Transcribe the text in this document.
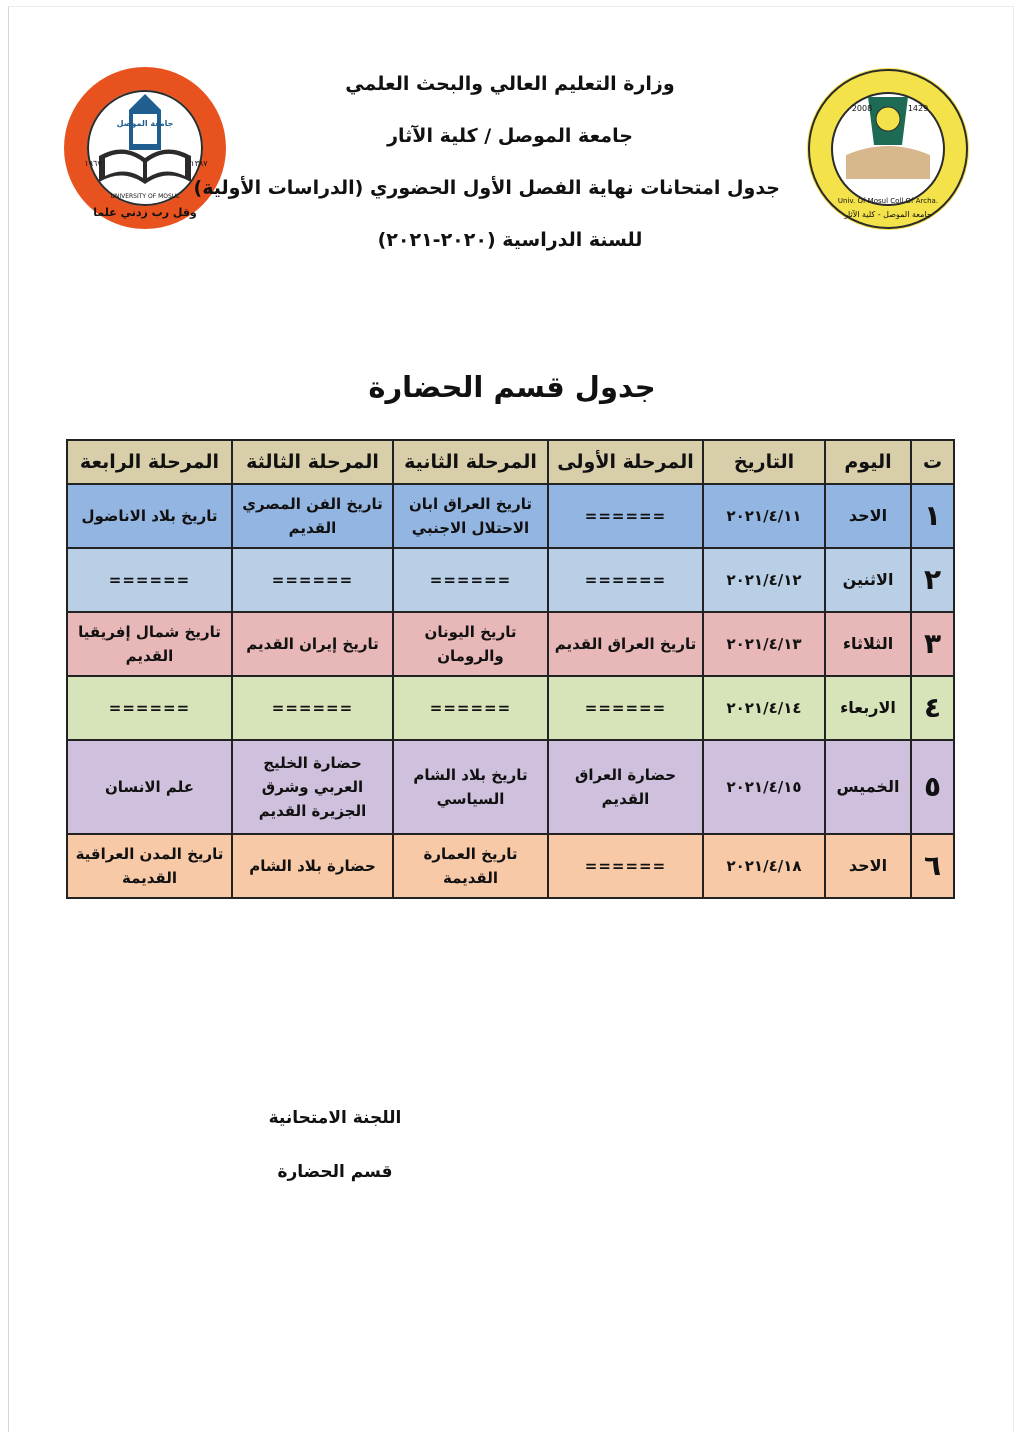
جامعة الموصل
UNIVERSITY OF MOSUL
وقل رب زدني علما
١٩٦٧	١٣٨٧
2008	1429
Univ. Of Mosul Coll Of Archa.
جامعة الموصل - كلية الآثار
وزارة التعليم العالي والبحث العلمي
جامعة الموصل / كلية الآثار
جدول امتحانات نهاية الفصل الأول الحضوري (الدراسات الأولية)
للسنة الدراسية (٢٠٢٠-٢٠٢١)
جدول قسم الحضارة
ت	اليوم	التاريخ	المرحلة الأولى	المرحلة الثانية	المرحلة الثالثة	المرحلة الرابعة
١	الاحد	٢٠٢١/٤/١١	======	تاريخ العراق ابان الاحتلال الاجنبي	تاريخ الفن المصري القديم	تاريخ بلاد الاناضول
٢	الاثنين	٢٠٢١/٤/١٢	======	======	======	======
٣	الثلاثاء	٢٠٢١/٤/١٣	تاريخ العراق القديم	تاريخ اليونان والرومان	تاريخ إيران القديم	تاريخ شمال إفريقيا القديم
٤	الاربعاء	٢٠٢١/٤/١٤	======	======	======	======
٥	الخميس	٢٠٢١/٤/١٥	حضارة العراق القديم	تاريخ بلاد الشام السياسي	حضارة الخليج العربي وشرق الجزيرة القديم	علم الانسان
٦	الاحد	٢٠٢١/٤/١٨	======	تاريخ العمارة القديمة	حضارة بلاد الشام	تاريخ المدن العراقية القديمة
اللجنة الامتحانية
قسم الحضارة
